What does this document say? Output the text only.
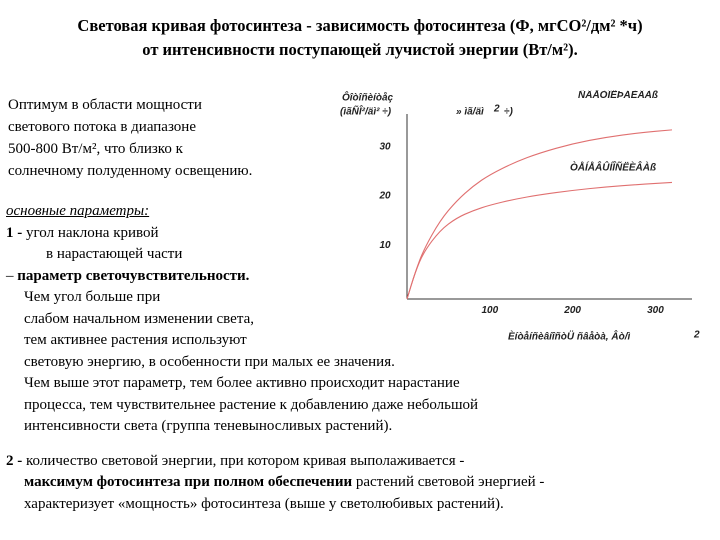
Световая кривая фотосинтеза - зависимость фотосинтеза (Ф, мгСО²/дм² *ч)
от интенсивности поступающей лучистой энергии (Вт/м²).
Оптимум в области мощности
светового потока в диапазоне
500-800 Вт/м², что близко к
солнечному полуденному освещению.
основные параметры:
1 - угол наклона кривой
в нарастающей части
– параметр светочувствительности.
Чем угол больше при
слабом начальном изменении света,
тем активнее растения используют
световую энергию, в особенности при малых ее значения.
Чем выше этот параметр, тем более активно происходит нарастание
процесса, тем чувствительнее растение к добавлению даже небольшой
интенсивности света (группа теневыносливых растений).
2 - количество световой энергии, при котором кривая выполаживается -
максимум фотосинтеза при полном обеспечении растений световой энергией -
характеризует «мощность» фотосинтеза (выше у светолюбивых растений).
Ôîòîñèíòåç
(ìãÑÎ²/äì² ÷)	» ìã/äì 2 ÷)
ÈíòåíñèâíîñòÜ ñâåòà, Âò/ì	2
10
20
30
100	200	300
ÑÂÅÒÎËÞÁÈÂÀß
ÒÅÍÅÂÛÍÎÑËÈÂÀß
